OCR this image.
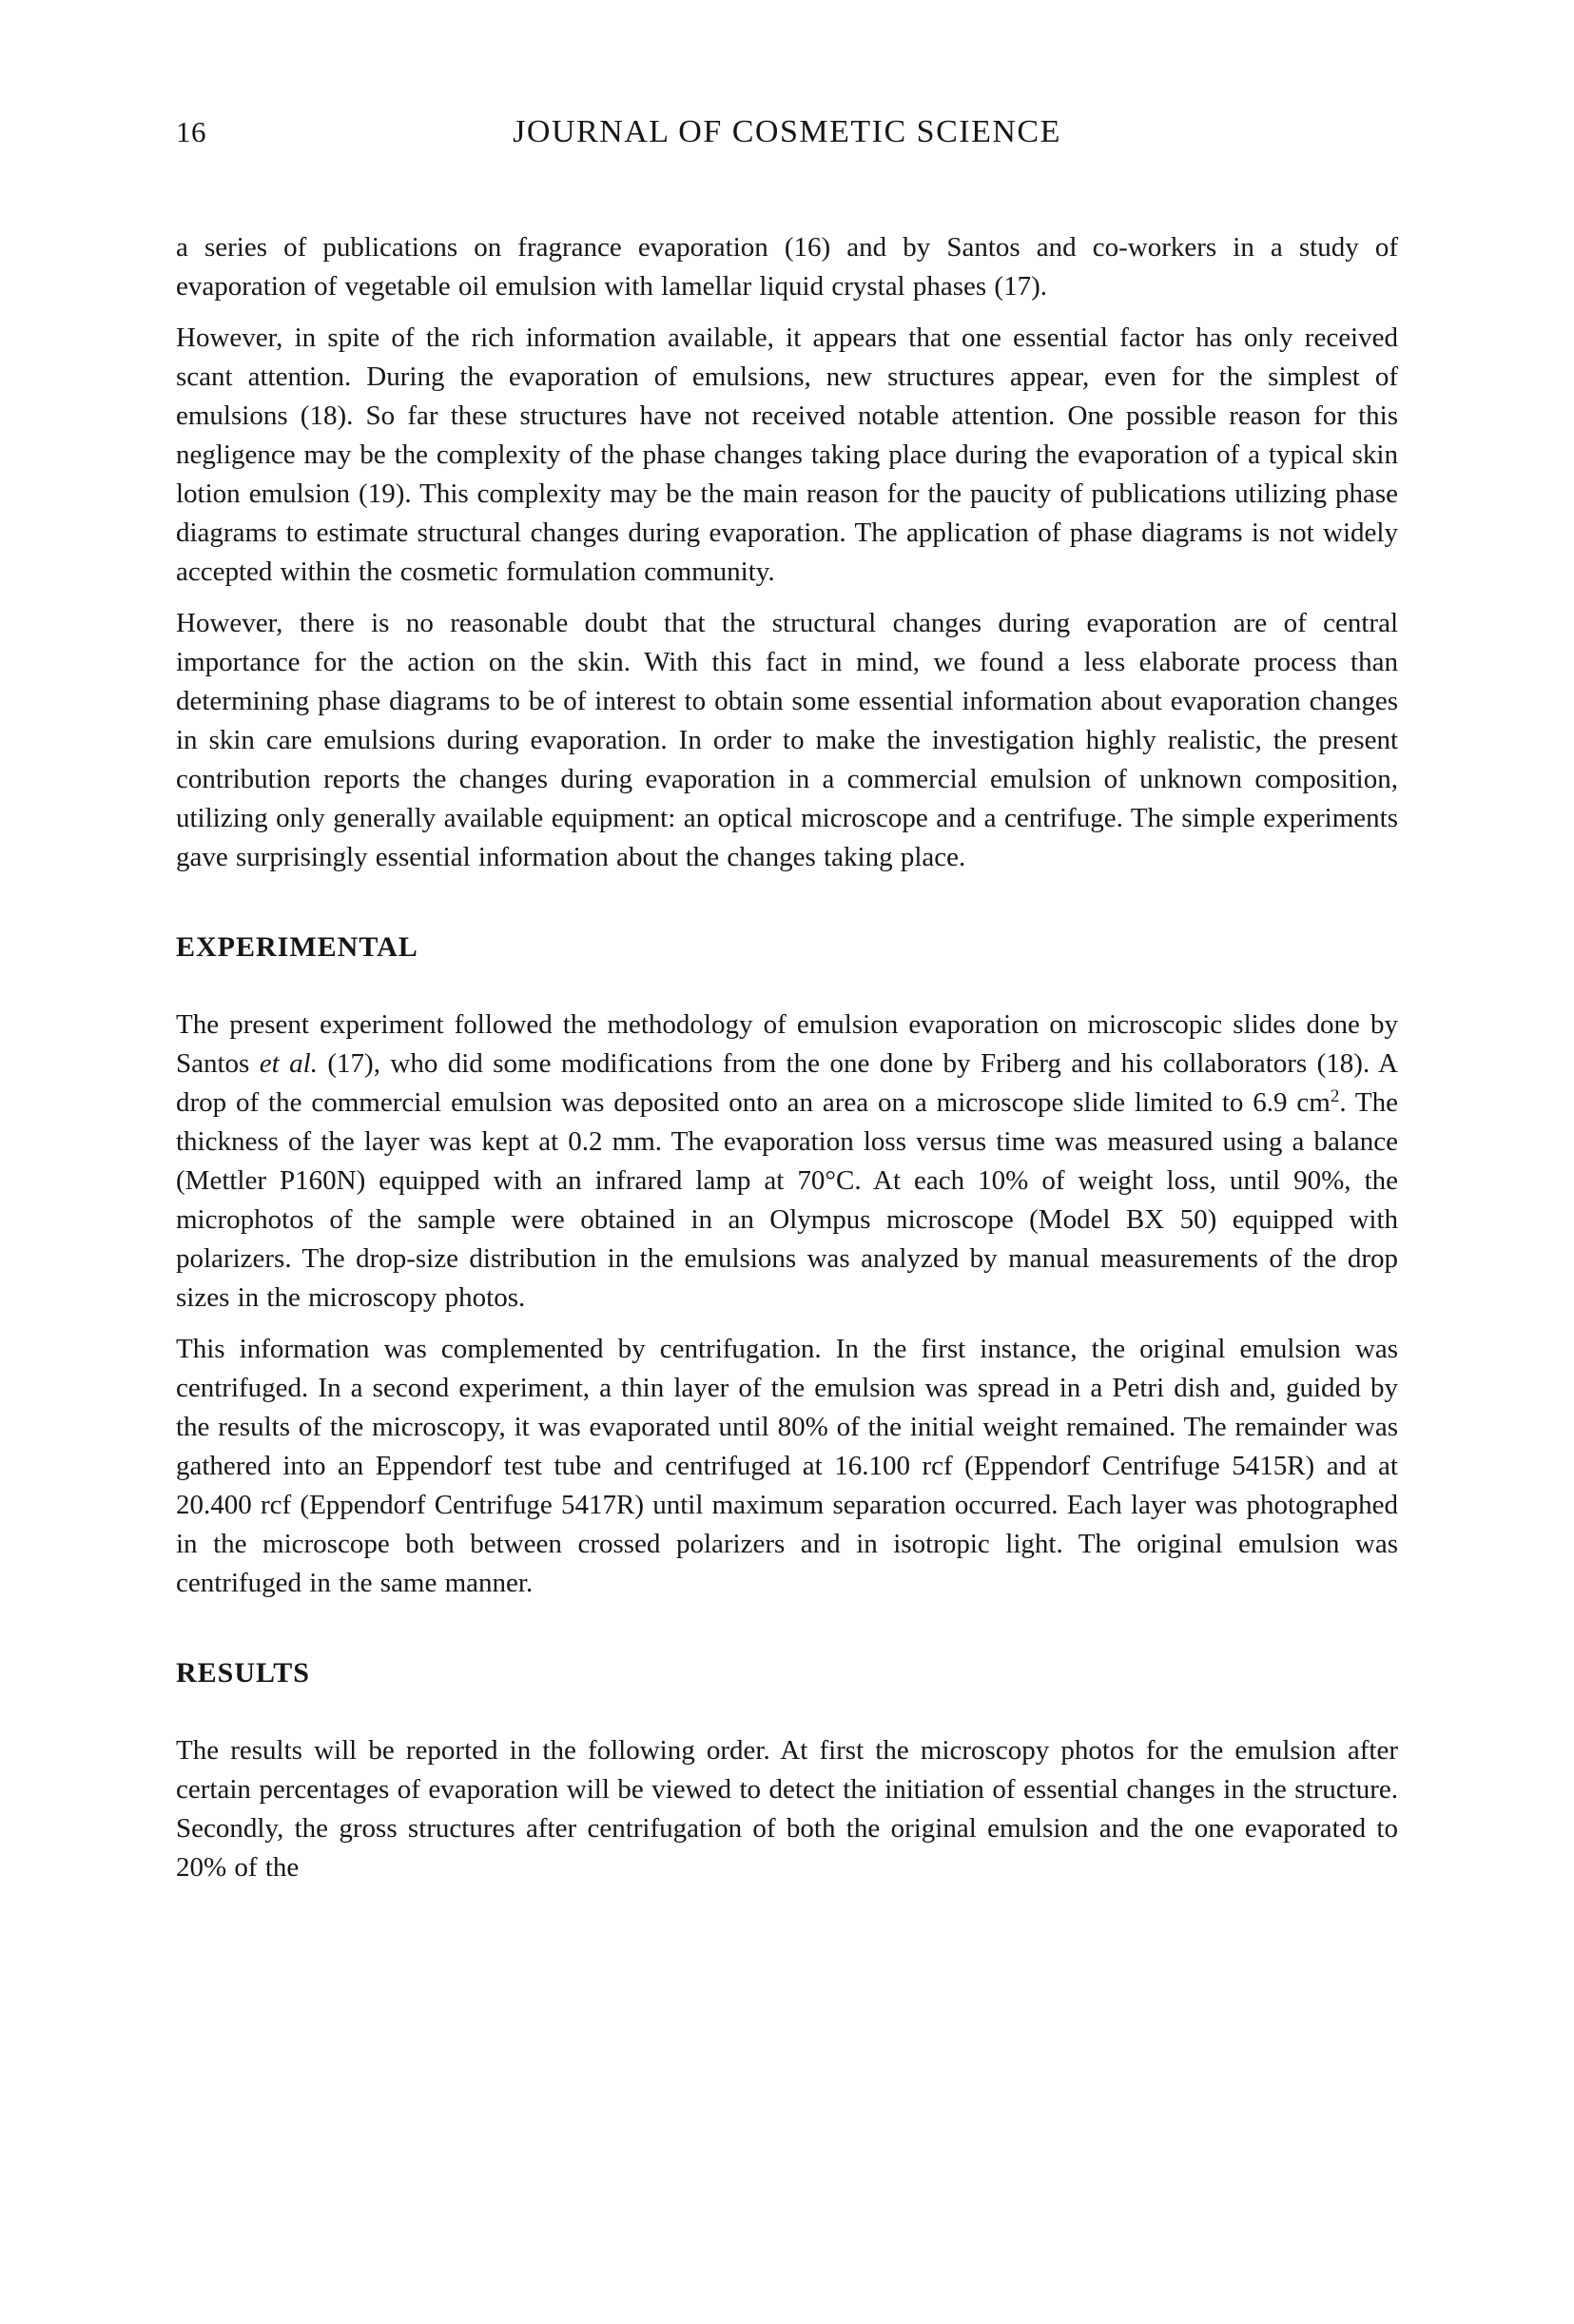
16	JOURNAL OF COSMETIC SCIENCE

a series of publications on fragrance evaporation (16) and by Santos and co-workers in a study of evaporation of vegetable oil emulsion with lamellar liquid crystal phases (17).

However, in spite of the rich information available, it appears that one essential factor has only received scant attention. During the evaporation of emulsions, new structures appear, even for the simplest of emulsions (18). So far these structures have not received notable attention. One possible reason for this negligence may be the complexity of the phase changes taking place during the evaporation of a typical skin lotion emulsion (19). This complexity may be the main reason for the paucity of publications utilizing phase diagrams to estimate structural changes during evaporation. The application of phase diagrams is not widely accepted within the cosmetic formulation community.

However, there is no reasonable doubt that the structural changes during evaporation are of central importance for the action on the skin. With this fact in mind, we found a less elaborate process than determining phase diagrams to be of interest to obtain some essential information about evaporation changes in skin care emulsions during evaporation. In order to make the investigation highly realistic, the present contribution reports the changes during evaporation in a commercial emulsion of unknown composition, utilizing only generally available equipment: an optical microscope and a centrifuge. The simple experiments gave surprisingly essential information about the changes taking place.

EXPERIMENTAL

The present experiment followed the methodology of emulsion evaporation on microscopic slides done by Santos et al. (17), who did some modifications from the one done by Friberg and his collaborators (18). A drop of the commercial emulsion was deposited onto an area on a microscope slide limited to 6.9 $cm^2$. The thickness of the layer was kept at 0.2 mm. The evaporation loss versus time was measured using a balance (Mettler P160N) equipped with an infrared lamp at 70°C. At each 10% of weight loss, until 90%, the microphotos of the sample were obtained in an Olympus microscope (Model BX 50) equipped with polarizers. The drop-size distribution in the emulsions was analyzed by manual measurements of the drop sizes in the microscopy photos.

This information was complemented by centrifugation. In the first instance, the original emulsion was centrifuged. In a second experiment, a thin layer of the emulsion was spread in a Petri dish and, guided by the results of the microscopy, it was evaporated until 80% of the initial weight remained. The remainder was gathered into an Eppendorf test tube and centrifuged at 16.100 rcf (Eppendorf Centrifuge 5415R) and at 20.400 rcf (Eppendorf Centrifuge 5417R) until maximum separation occurred. Each layer was photographed in the microscope both between crossed polarizers and in isotropic light. The original emulsion was centrifuged in the same manner.

RESULTS

The results will be reported in the following order. At first the microscopy photos for the emulsion after certain percentages of evaporation will be viewed to detect the initiation of essential changes in the structure. Secondly, the gross structures after centrifugation of both the original emulsion and the one evaporated to 20% of the
